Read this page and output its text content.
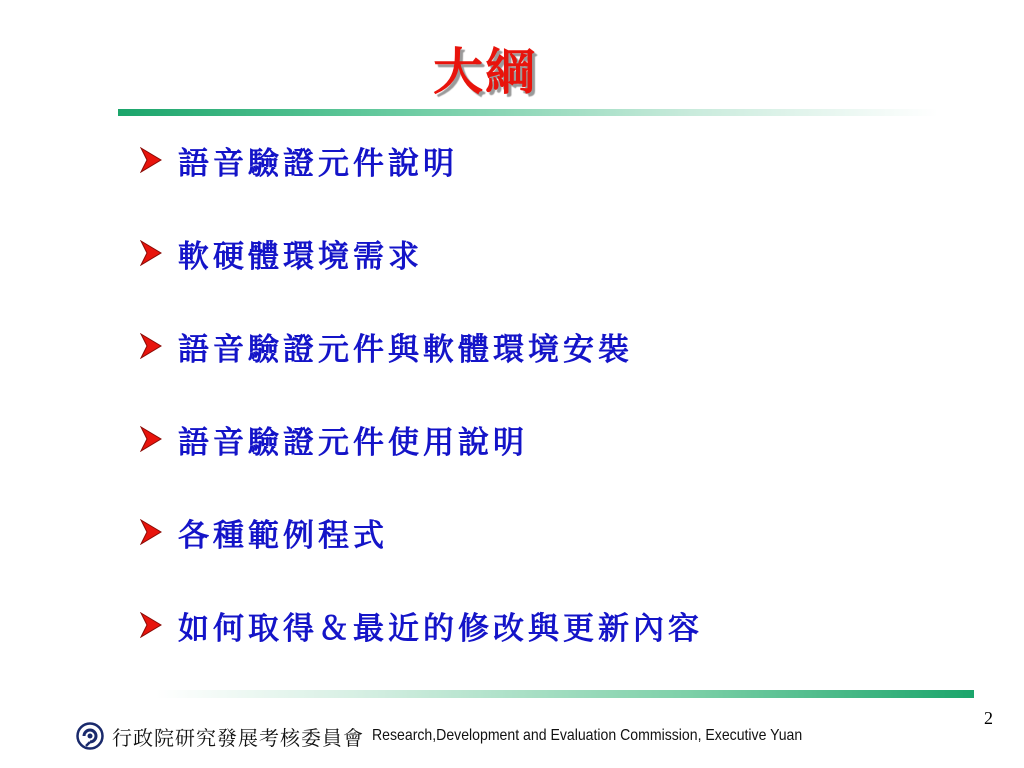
大綱
語音驗證元件說明
軟硬體環境需求
語音驗證元件與軟體環境安裝
語音驗證元件使用說明
各種範例程式
如何取得＆最近的修改與更新內容
2
行政院研究發展考核委員會 Research,Development and Evaluation Commission, Executive Yuan
